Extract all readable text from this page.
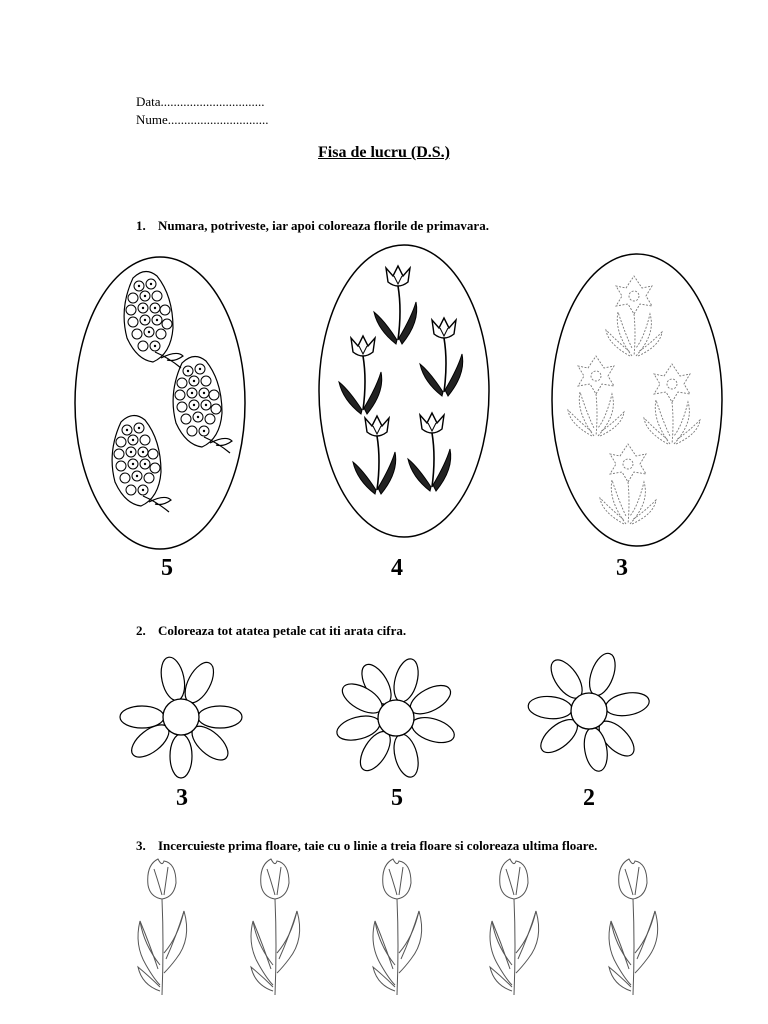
Data................................
Nume...............................
Fisa de lucru (D.S.)
1. Numara, potriveste, iar apoi coloreaza florile de primavara.
5	4	3
2. Coloreaza tot atatea petale cat iti arata cifra.
3	5	2
3. Incercuieste prima floare, taie cu o linie a treia floare si coloreaza ultima floare.
